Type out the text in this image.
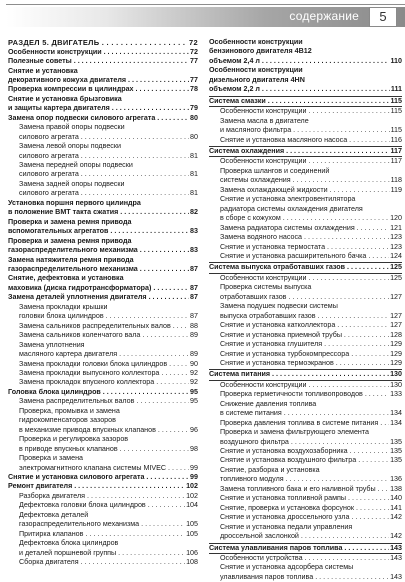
содержание	5
РАЗДЕЛ 5. ДВИГАТЕЛЬ . . .	72
Особенности конструкции . . .	72
Полезные советы . . .	77
Снятие и установка
декоративного кожуха двигателя . . .	77
Проверка компрессии в цилиндрах . . .	78
Снятие и установка брызговика
и защиты картера двигателя . . .	79
Замена опор подвески силового агрегата . . .	80
Замена правой опоры подвески
силового агрегата . . .	80
Замена левой опоры подвески
силового агрегата . . .	81
Замена передней опоры подвески
силового агрегата . . .	81
Замена задней опоры подвески
силового агрегата . . .	81
Установка поршня первого цилиндра
в положение ВМТ такта сжатия . . .	82
Проверка и замена ремня привода
вспомогательных агрегатов . . .	83
Проверка и замена ремня привода
газораспределительного механизма . . .	83
Замена натяжителя ремня привода
газораспределительного механизма . . .	87
Снятие, дефектовка и установка
маховика (диска гидротрансформатора) . . .	87
Замена деталей уплотнения двигателя . . .	87
Замена прокладки крышки
головки блока цилиндров . . .	87
Замена сальников распределительных валов . . .	88
Замена сальников коленчатого вала . . .	89
Замена уплотнения
масляного картера двигателя . . .	89
Замена прокладки головки блока цилиндров . . .	90
Замена прокладки выпускного коллектора . . .	92
Замена прокладок впускного коллектора . . .	92
Головка блока цилиндров . . .	95
Замена распределительных валов . . .	95
Проверка, промывка и замена
гидрокомпенсаторов зазоров
в механизме привода впускных клапанов . . .	96
Проверка и регулировка зазоров
в приводе впускных клапанов . . .	98
Проверка и замена
электромагнитного клапана системы MIVEC . . .	99
Снятие и установка силового агрегата . . .	99
Ремонт двигателя . . .	102
Разборка двигателя . . .	102
Дефектовка головки блока цилиндров . . .	104
Дефектовка деталей
газораспределительного механизма . . .	105
Притирка клапанов . . .	105
Дефектовка блока цилиндров
и деталей поршневой группы . . .	106
Сборка двигателя . . .	108
Особенности конструкции
бензинового двигателя 4В12
объемом 2,4 л . . .	110
Особенности конструкции
дизельного двигателя 4HN
объемом 2,2 л . . .	111
Система смазки . . .	115
Особенности конструкции . . .	115
Замена масла в двигателе
и масляного фильтра . . .	115
Снятие и установка масляного насоса . . .	116
Система охлаждения . . .	117
Особенности конструкции . . .	117
Проверка шлангов и соединений
системы охлаждения . . .	118
Замена охлаждающей жидкости . . .	119
Снятие и установка электровентилятора
радиатора системы охлаждения двигателя
в сборе с кожухом . . .	120
Замена радиатора системы охлаждения . . .	121
Замена водяного насоса . . .	123
Снятие и установка термостата . . .	123
Снятие и установка расширительного бачка . . .	124
Система выпуска отработавших газов . . .	125
Особенности конструкции . . .	125
Проверка системы выпуска
отработавших газов . . .	127
Замена подушек подвески системы
выпуска отработавших газов . . .	127
Снятие и установка катколлектора . . .	127
Снятие и установка приемной трубы . . .	128
Снятие и установка глушителя . . .	129
Снятие и установка турбокомпрессора . . .	129
Снятие и установка термоэкранов . . .	129
Система питания . . .	130
Особенности конструкции . . .	130
Проверка герметичности топливопроводов . . .	133
Снижение давления топлива
в системе питания . . .	134
Проверка давления топлива в системе питания . . . 134
Проверка и замена фильтрующего элемента
воздушного фильтра . . .	135
Снятие и установка воздухозаборника . . .	135
Снятие и установка воздушного фильтра . . .	135
Снятие, разборка и установка
топливного модуля . . .	136
Замена топливного бака и его наливной трубы . . . 138
Снятие и установка топливной рампы . . .	140
Снятие, проверка и установка форсунок . . .	141
Снятие и установка дроссельного узла . . .	142
Снятие и установка педали управления
дроссельной заслонкой . . .	142
Система улавливания паров топлива . . .	143
Особенности устройства . . .	143
Снятие и установка адсорбера системы
улавливания паров топлива . . .	143
